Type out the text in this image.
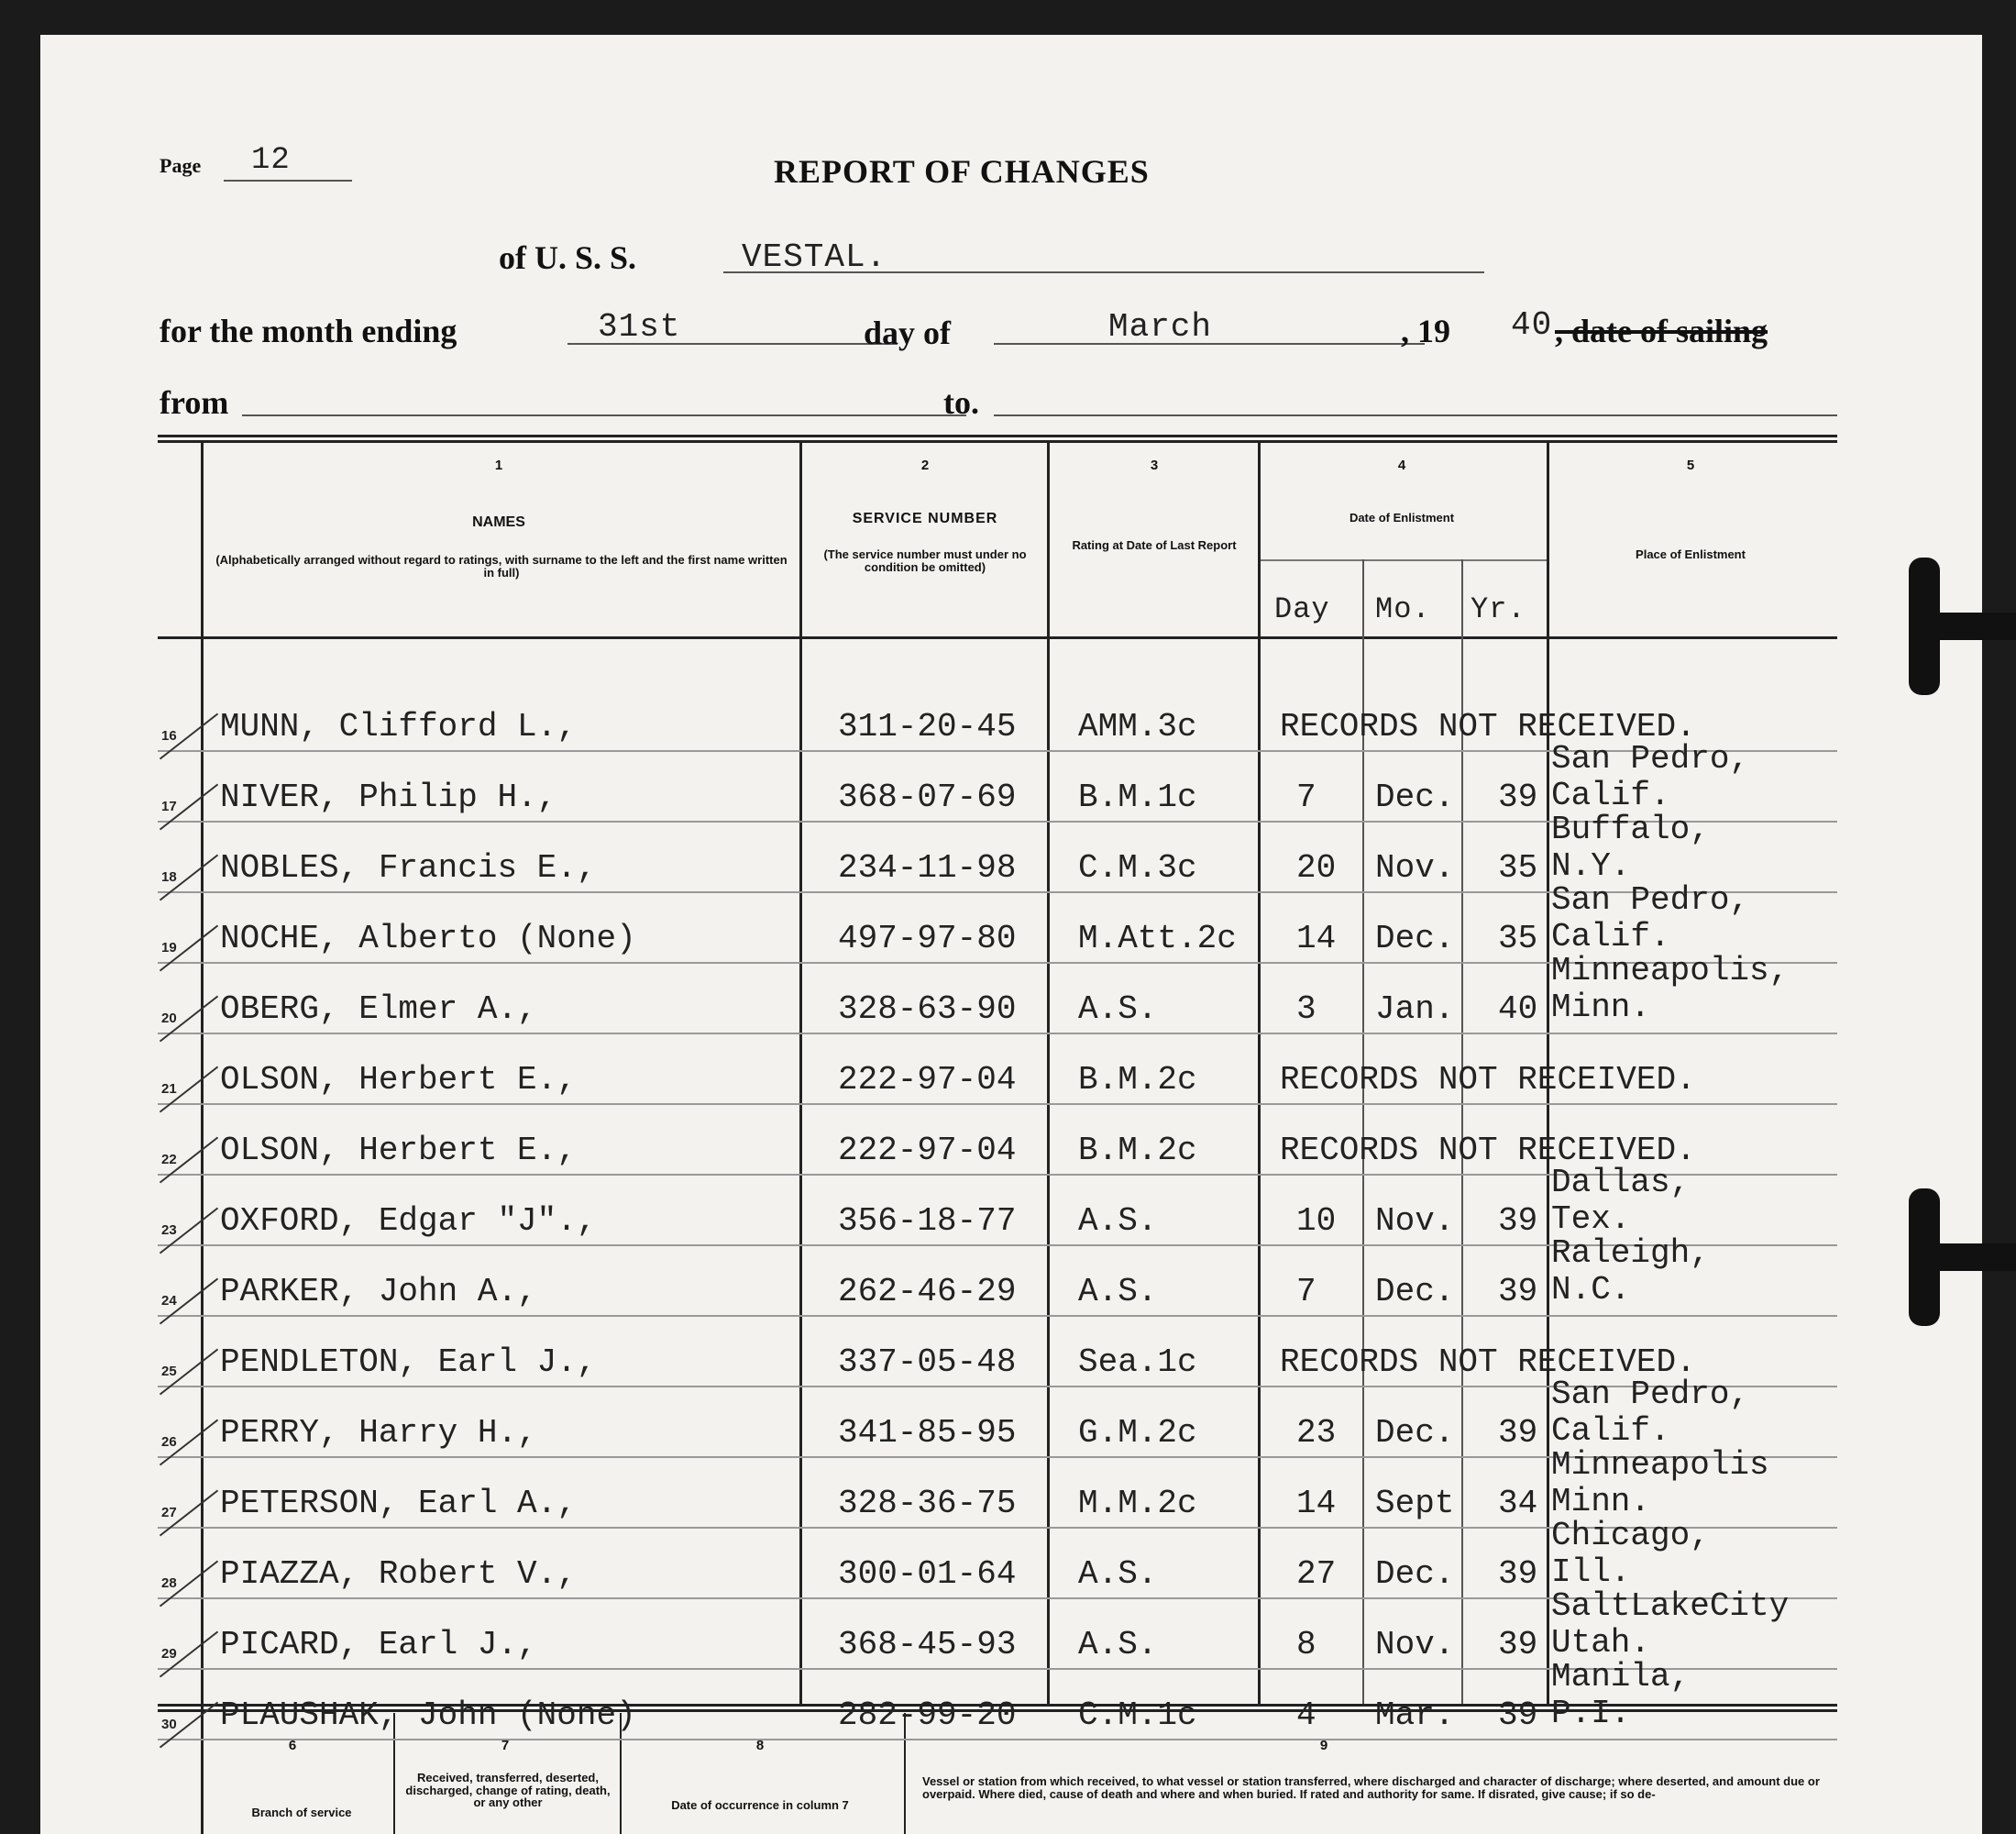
Page 12	REPORT OF CHANGES
of U. S. S.	VESTAL.
for the month ending	31st	day of	March	, 19 40 , date of sailing
from	to.
1
NAMES
(Alphabetically arranged without regard to ratings, with surname to the left and the first name written in full)
2
SERVICE NUMBER
(The service number must under no condition be omitted)
3
Rating at Date of Last Report
4
Date of Enlistment
Day Mo. Yr.
5
Place of Enlistment
6
Branch of service
7
Received, transferred, deserted, discharged, change of rating, death, or any other
8
Date of occurrence in column 7
9
Vessel or station from which received, to what vessel or station transferred, where discharged and character of discharge; where deserted, and amount due or overpaid. Where died, cause of death and where and when buried. If rated and authority for same. If disrated, give cause; if so de-
16 MUNN, Clifford L.,	311-20-45 AMM.3c	RECORDS NOT RECEIVED.
17 NIVER, Philip H.,	368-07-69 B.M.1c	7 Dec. 39
San Pedro,
Calif.
18 NOBLES, Francis E.,	234-11-98 C.M.3c	20 Nov. 35
Buffalo,
N.Y.
19 NOCHE, Alberto (None)	497-97-80 M.Att.2c 14 Dec. 35
San Pedro,
Calif.
20 OBERG, Elmer A.,	328-63-90 A.S.	3 Jan. 40
Minneapolis,
Minn.
21 OLSON, Herbert E.,	222-97-04 B.M.2c	RECORDS NOT RECEIVED.
22 OLSON, Herbert E.,	222-97-04 B.M.2c	RECORDS NOT RECEIVED.
23 OXFORD, Edgar "J".,	356-18-77 A.S.	10 Nov. 39
Dallas,
Tex.
24 PARKER, John A.,	262-46-29 A.S.	7 Dec. 39
Raleigh,
N.C.
25 PENDLETON, Earl J.,	337-05-48 Sea.1c	RECORDS NOT RECEIVED.
26 PERRY, Harry H.,	341-85-95 G.M.2c	23 Dec. 39
San Pedro,
Calif.
27 PETERSON, Earl A.,	328-36-75 M.M.2c	14 Sept 34
Minneapolis
Minn.
28 PIAZZA, Robert V.,	300-01-64 A.S.	27 Dec. 39
Chicago,
Ill.
29 PICARD, Earl J.,	368-45-93 A.S.	8 Nov. 39
SaltLakeCity
Utah.
30 PLAUSHAK, John (None)	282-99-20 C.M.1c	4 Mar. 39
Manila,
P.I.
